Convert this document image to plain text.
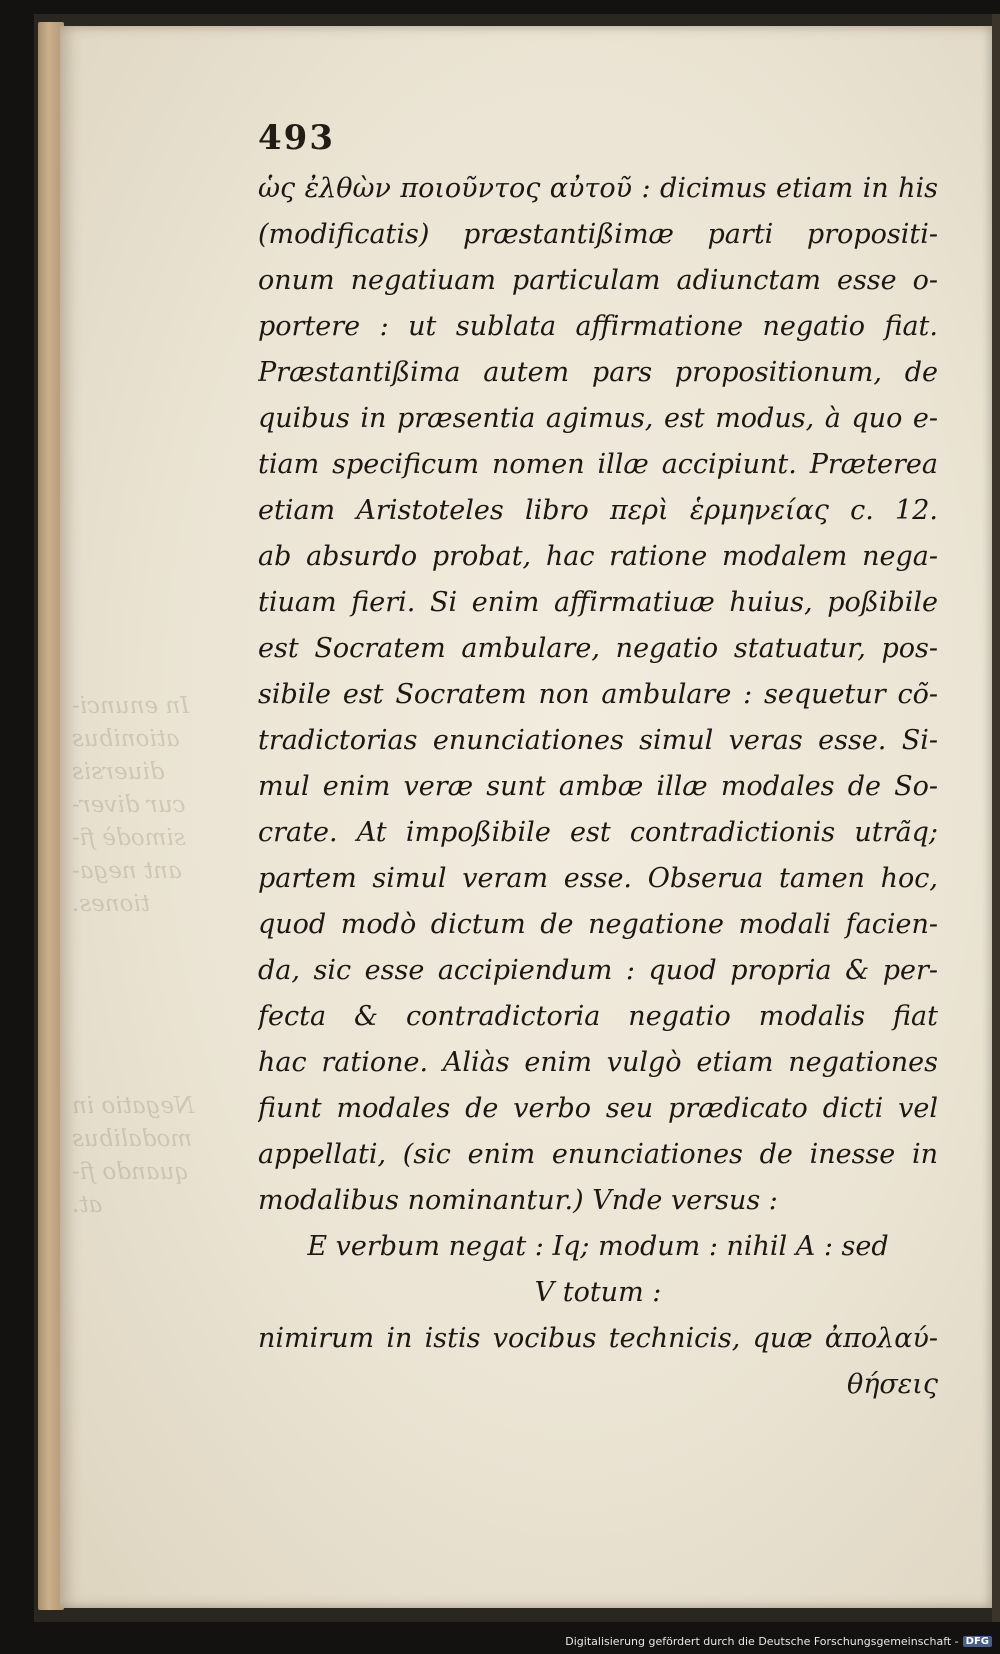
In enunci-
ationibus
diuersis
cur diver-
simodè fi-
ant nega-
tiones.
Negatio in
modalibus
quando fi-
at.
493
ὡς ἐλθὼν ποιοῦντος αὐτοῦ : dicimus etiam in his
(modificatis) præstantißimæ parti propositi-
onum negatiuam particulam adiunctam esse o-
portere : ut sublata affirmatione negatio fiat.
Præstantißima autem pars propositionum, de
quibus in præsentia agimus, est modus, à quo e-
tiam specificum nomen illæ accipiunt. Præterea
etiam Aristoteles libro περὶ ἑρμηνείας c. 12.
ab absurdo probat, hac ratione modalem nega-
tiuam fieri. Si enim affirmatiuæ huius, poßibile
est Socratem ambulare, negatio statuatur, pos-
sibile est Socratem non ambulare : sequetur cõ-
tradictorias enunciationes simul veras esse. Si-
mul enim veræ sunt ambæ illæ modales de So-
crate. At impoßibile est contradictionis utrãq;
partem simul veram esse. Obserua tamen hoc,
quod modò dictum de negatione modali facien-
da, sic esse accipiendum : quod propria & per-
fecta & contradictoria negatio modalis fiat
hac ratione. Aliàs enim vulgò etiam negationes
fiunt modales de verbo seu prædicato dicti vel
appellati, (sic enim enunciationes de inesse in
modalibus nominantur.) Vnde versus :
E verbum negat : Iq; modum : nihil A : sed
V totum :
nimirum in istis vocibus technicis, quæ ἀπολαύ-
θήσεις
Digitalisierung gefördert durch die Deutsche Forschungsgemeinschaft - DFG
